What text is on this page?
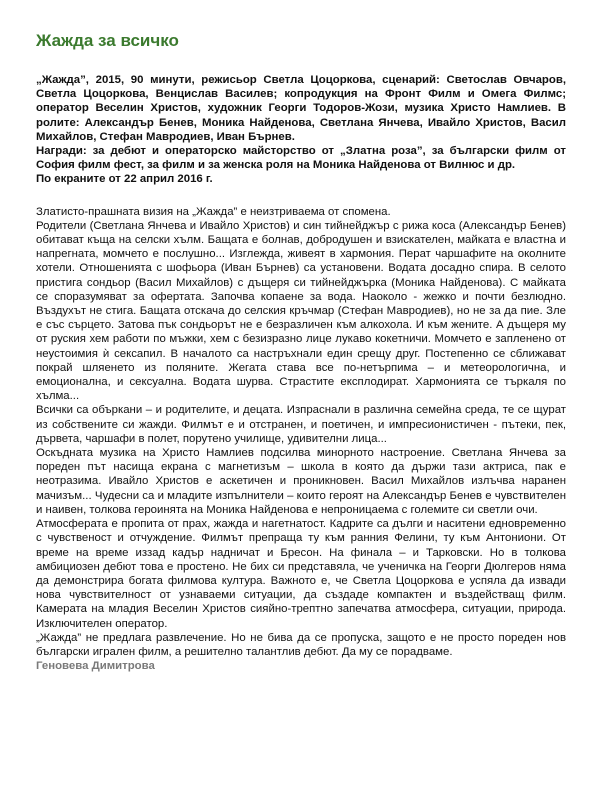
Жажда за всичко

„Жажда”, 2015, 90 минути, режисьор Светла Цоцоркова, сценарий: Светослав Овчаров, Светла Цоцоркова, Венцислав Василев; копродукция на Фронт Филм и Омега Филмс; оператор Веселин Христов, художник Георги Тодоров-Жози, музика Христо Намлиев. В ролите: Александър Бенев, Моника Найденова, Светлана Янчева, Ивайло Христов, Васил Михайлов, Стефан Мавродиев, Иван Бърнев.

Награди: за дебют и операторско майсторство от „Златна роза”, за български филм от София филм фест, за филм и за женска роля на Моника Найденова от Вилнюс и др.

По екраните от 22 април 2016 г.

Златисто-прашната визия на „Жажда” е неизтриваема от спомена.

Родители (Светлана Янчева и Ивайло Христов) и син тийнейджър с рижа коса (Александър Бенев) обитават къща на селски хълм. Бащата е болнав, добродушен и взискателен, майката е властна и напрегната, момчето е послушно... Изглежда, живеят в хармония. Перат чаршафите на околните хотели. Отношенията с шофьора (Иван Бърнев) са установени. Водата досадно спира. В селото пристига сондьор (Васил Михайлов) с дъщеря си тийнейджърка (Моника Найденова). С майката се споразумяват за офертата. Започва копаене за вода. Наоколо - жежко и почти безлюдно. Въздухът не стига. Бащата отскача до селския кръчмар (Стефан Мавродиев), но не за да пие. Зле е със сърцето. Затова пък сондьорът не е безразличен към алкохола. И към жените. А дъщеря му от руския хем работи по мъжки, хем с безизразно лице лукаво кокетничи. Момчето е запленено от неустоимия ѝ сексапил. В началото са настръхнали един срещу друг. Постепенно се сближават покрай шляенето из поляните. Жегата става все по-нетърпима – и метеорологична, и емоционална, и сексуална. Водата шурва. Страстите експлодират. Хармонията се търкаля по хълма...

Всички са объркани – и родителите, и децата. Изпраснали в различна семейна среда, те се щурат из собствените си жажди. Филмът е и отстранен, и поетичен, и импресионистичен - пътеки, пек, дървета, чаршафи в полет, порутено училище, удивителни лица...

Оскъдната музика на Христо Намлиев подсилва минорното настроение. Светлана Янчева за пореден път насища екрана с магнетизъм – школа в която да държи тази актриса, пак е неотразима. Ивайло Христов е аскетичен и проникновен. Васил Михайлов излъчва наранен мачизъм... Чудесни са и младите изпълнители – които героят на Александър Бенев е чувствителен и наивен, толкова героинята на Моника Найденова е непроницаема с големите си светли очи.

Атмосферата е пропита от прах, жажда и нагетнатост. Кадрите са дълги и наситени едновременно с чувственост и отчуждение. Филмът препраща ту към ранния Фелини, ту към Антониони. От време на време иззад кадър надничат и Бресон. На финала – и Тарковски. Но в толкова амбициозен дебют това е простено. Не бих си представяла, че ученичка на Георги Дюлгеров няма да демонстрира богата филмова култура. Важното е, че Светла Цоцоркова е успяла да извади нова чувствителност от узнаваеми ситуации, да създаде компактен и въздействащ филм. Камерата на младия Веселин Христов сияйно-трептно запечатва атмосфера, ситуации, природа. Изключителен оператор.

„Жажда” не предлага развлечение. Но не бива да се пропуска, защото е не просто пореден нов български игрален филм, а решително талантлив дебют. Да му се порадваме.

Геновева Димитрова
